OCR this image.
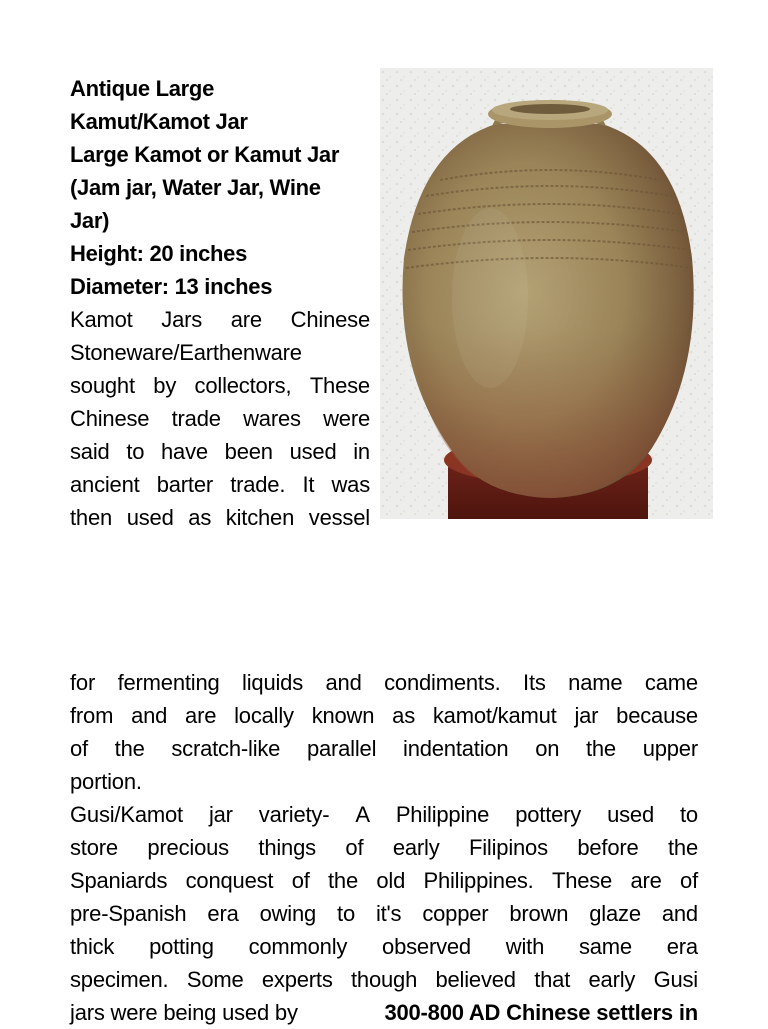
Antique Large
Kamut/Kamot Jar
Large Kamot or Kamut Jar
(Jam jar, Water Jar, Wine
Jar)
Height: 20 inches
Diameter: 13 inches
Kamot Jars are Chinese
Stoneware/Earthenware
sought by collectors, These
Chinese trade wares were
said to have been used in
ancient barter trade. It was
then used as kitchen vessel
for fermenting liquids and condiments. Its name came
from and are locally known as kamot/kamut jar because
of the scratch-like parallel indentation on the upper
portion.
Gusi/Kamot jar variety- A Philippine pottery used to
store precious things of early Filipinos before the
Spaniards conquest of the old Philippines. These are of
pre-Spanish era owing to it's copper brown glaze and
thick potting commonly observed with same era
specimen. Some experts though believed that early Gusi
jars were being used by	300-800 AD Chinese settlers in
